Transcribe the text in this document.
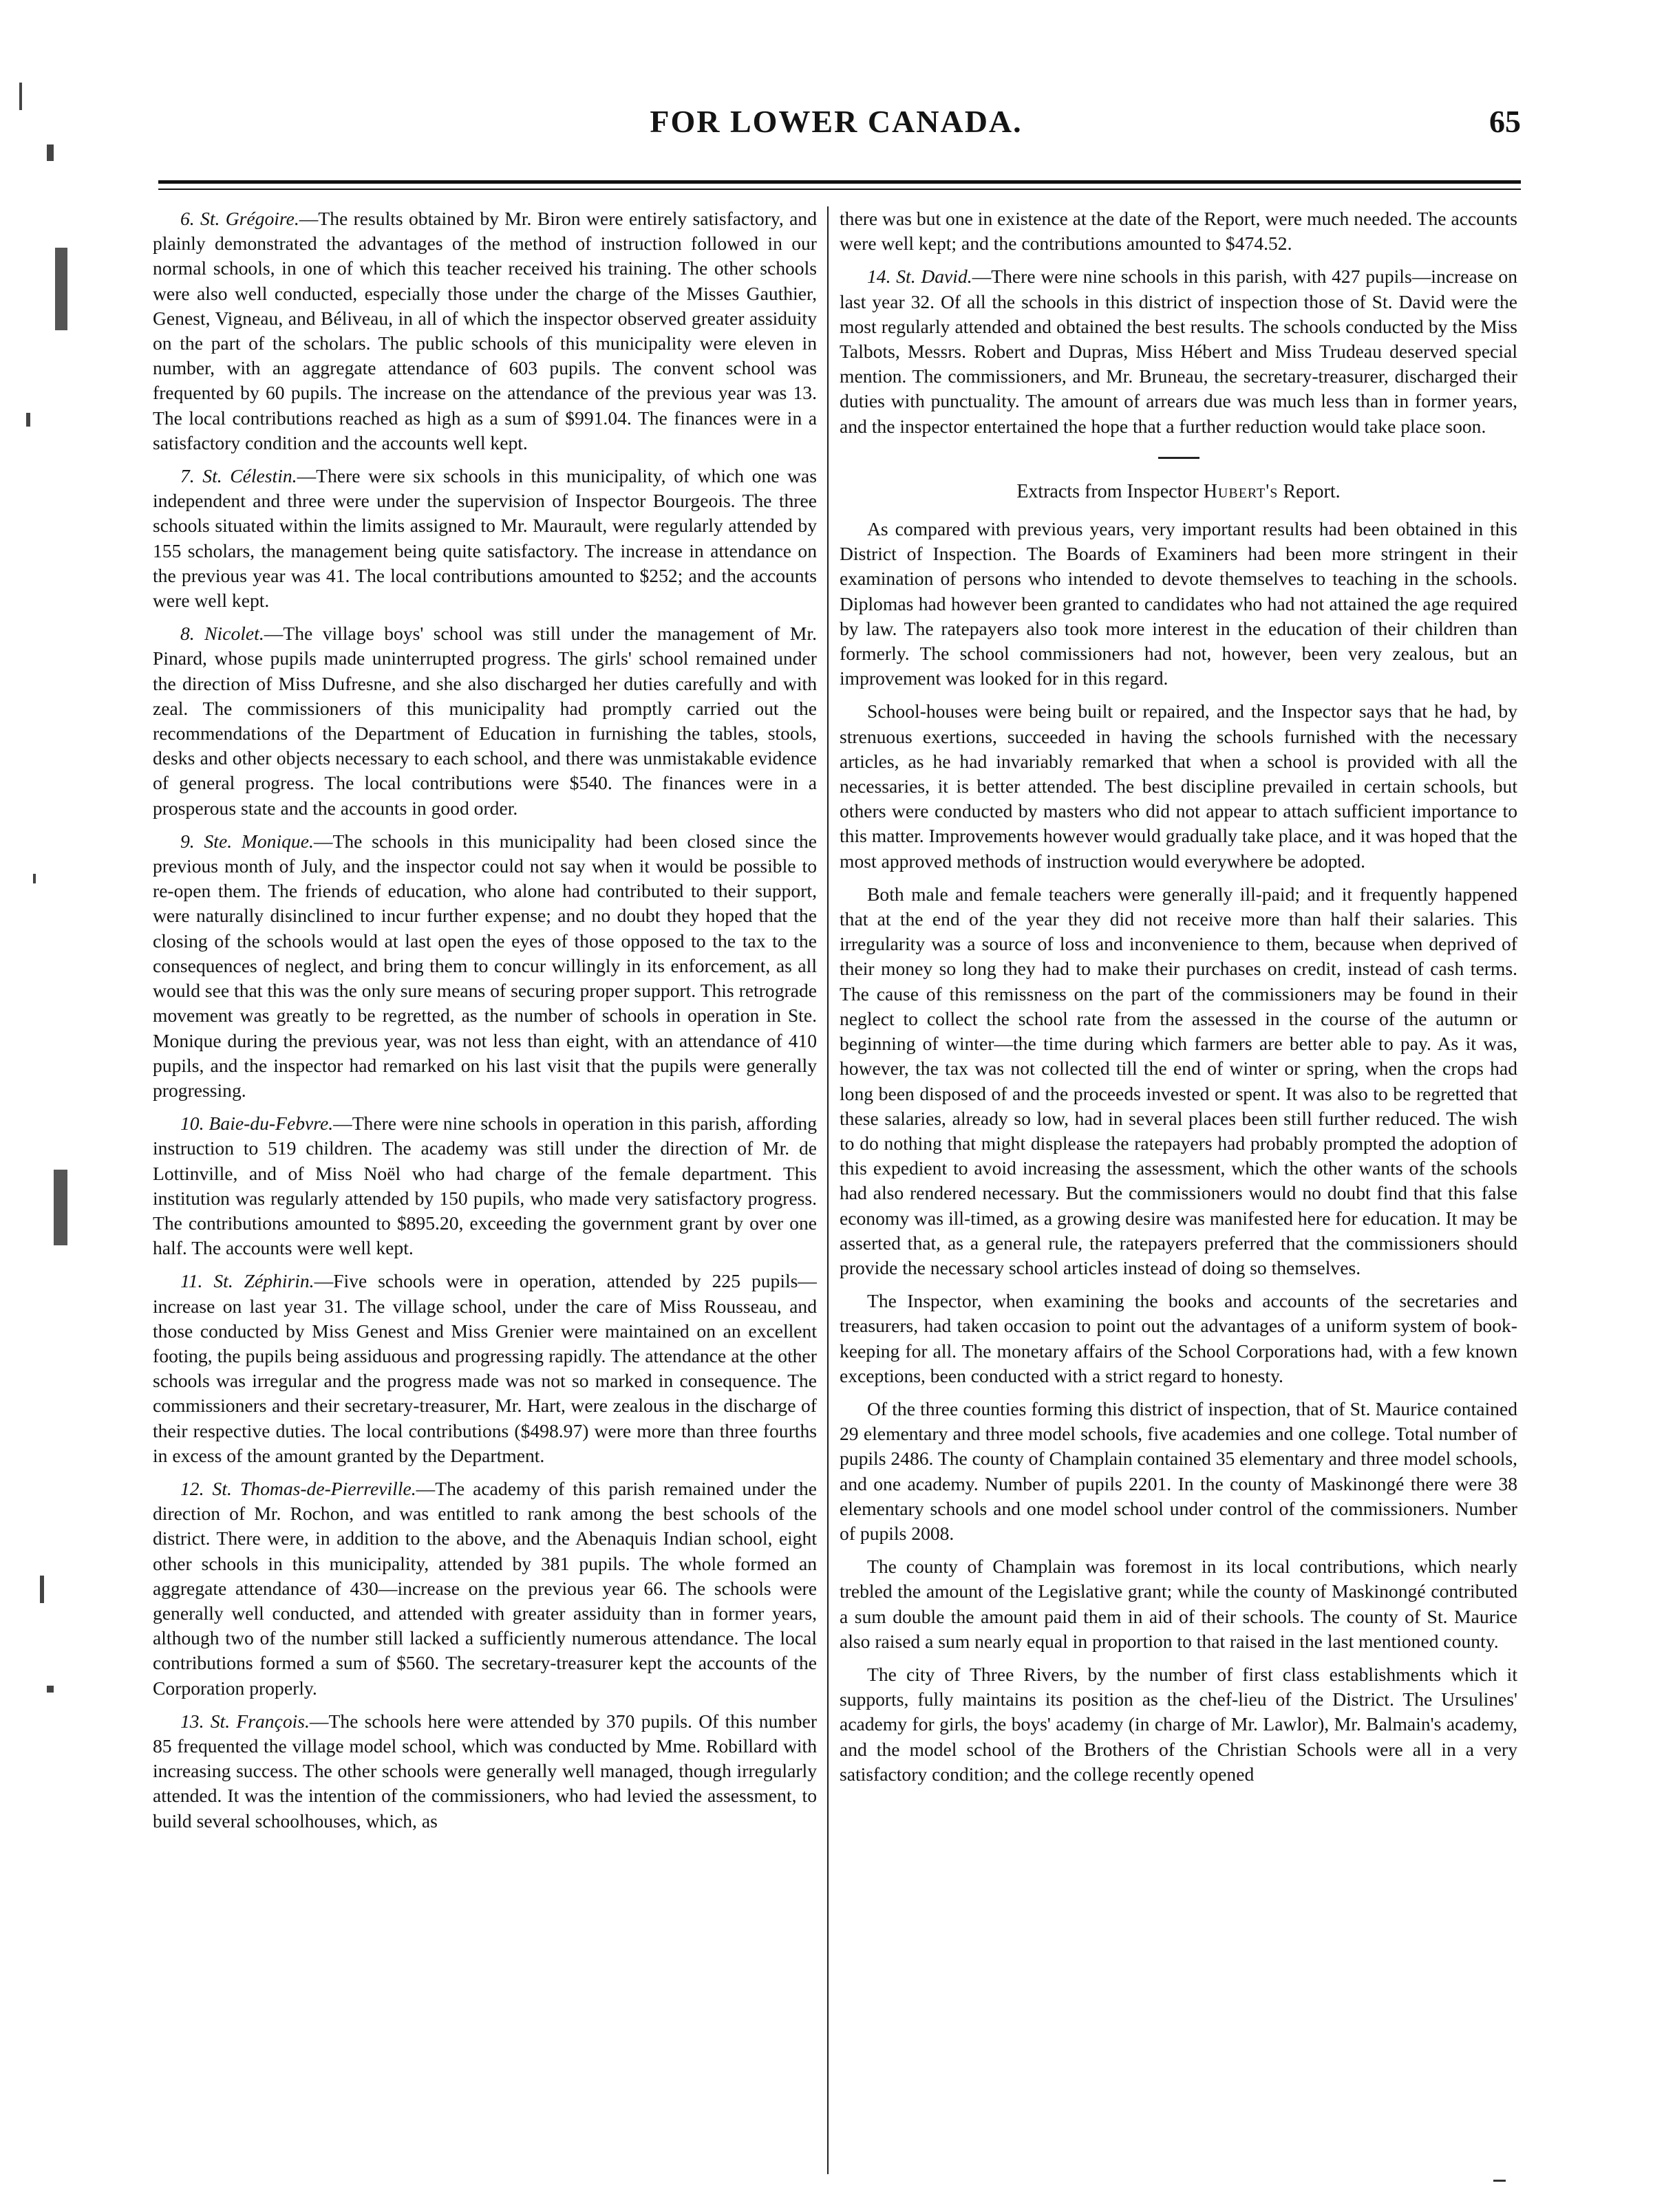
FOR LOWER CANADA.	65

6. St. Grégoire.—The results obtained by Mr. Biron were entirely satisfactory, and plainly demonstrated the advantages of the method of instruction followed in our normal schools, in one of which this teacher received his training. The other schools were also well conducted, especially those under the charge of the Misses Gauthier, Genest, Vigneau, and Béliveau, in all of which the inspector observed greater assiduity on the part of the scholars. The public schools of this municipality were eleven in number, with an aggregate attendance of 603 pupils. The convent school was frequented by 60 pupils. The increase on the attendance of the previous year was 13. The local contributions reached as high as a sum of $991.04. The finances were in a satisfactory condition and the accounts well kept.

7. St. Célestin.—There were six schools in this municipality, of which one was independent and three were under the supervision of Inspector Bourgeois. The three schools situated within the limits assigned to Mr. Maurault, were regularly attended by 155 scholars, the management being quite satisfactory. The increase in attendance on the previous year was 41. The local contributions amounted to $252; and the accounts were well kept.

8. Nicolet.—The village boys' school was still under the management of Mr. Pinard, whose pupils made uninterrupted progress. The girls' school remained under the direction of Miss Dufresne, and she also discharged her duties carefully and with zeal. The commissioners of this municipality had promptly carried out the recommendations of the Department of Education in furnishing the tables, stools, desks and other objects necessary to each school, and there was unmistakable evidence of general progress. The local contributions were $540. The finances were in a prosperous state and the accounts in good order.

9. Ste. Monique.—The schools in this municipality had been closed since the previous month of July, and the inspector could not say when it would be possible to re-open them. The friends of education, who alone had contributed to their support, were naturally disinclined to incur further expense; and no doubt they hoped that the closing of the schools would at last open the eyes of those opposed to the tax to the consequences of neglect, and bring them to concur willingly in its enforcement, as all would see that this was the only sure means of securing proper support. This retrograde movement was greatly to be regretted, as the number of schools in operation in Ste. Monique during the previous year, was not less than eight, with an attendance of 410 pupils, and the inspector had remarked on his last visit that the pupils were generally progressing.

10. Baie-du-Febvre.—There were nine schools in operation in this parish, affording instruction to 519 children. The academy was still under the direction of Mr. de Lottinville, and of Miss Noël who had charge of the female department. This institution was regularly attended by 150 pupils, who made very satisfactory progress. The contributions amounted to $895.20, exceeding the government grant by over one half. The accounts were well kept.

11. St. Zéphirin.—Five schools were in operation, attended by 225 pupils—increase on last year 31. The village school, under the care of Miss Rousseau, and those conducted by Miss Genest and Miss Grenier were maintained on an excellent footing, the pupils being assiduous and progressing rapidly. The attendance at the other schools was irregular and the progress made was not so marked in consequence. The commissioners and their secretary-treasurer, Mr. Hart, were zealous in the discharge of their respective duties. The local contributions ($498.97) were more than three fourths in excess of the amount granted by the Department.

12. St. Thomas-de-Pierreville.—The academy of this parish remained under the direction of Mr. Rochon, and was entitled to rank among the best schools of the district. There were, in addition to the above, and the Abenaquis Indian school, eight other schools in this municipality, attended by 381 pupils. The whole formed an aggregate attendance of 430—increase on the previous year 66. The schools were generally well conducted, and attended with greater assiduity than in former years, although two of the number still lacked a sufficiently numerous attendance. The local contributions formed a sum of $560. The secretary-treasurer kept the accounts of the Corporation properly.

13. St. François.—The schools here were attended by 370 pupils. Of this number 85 frequented the village model school, which was conducted by Mme. Robillard with increasing success. The other schools were generally well managed, though irregularly attended. It was the intention of the commissioners, who had levied the assessment, to build several schoolhouses, which, as

there was but one in existence at the date of the Report, were much needed. The accounts were well kept; and the contributions amounted to $474.52.

14. St. David.—There were nine schools in this parish, with 427 pupils—increase on last year 32. Of all the schools in this district of inspection those of St. David were the most regularly attended and obtained the best results. The schools conducted by the Miss Talbots, Messrs. Robert and Dupras, Miss Hébert and Miss Trudeau deserved special mention. The commissioners, and Mr. Bruneau, the secretary-treasurer, discharged their duties with punctuality. The amount of arrears due was much less than in former years, and the inspector entertained the hope that a further reduction would take place soon.

Extracts from Inspector Hubert's Report.

As compared with previous years, very important results had been obtained in this District of Inspection. The Boards of Examiners had been more stringent in their examination of persons who intended to devote themselves to teaching in the schools. Diplomas had however been granted to candidates who had not attained the age required by law. The ratepayers also took more interest in the education of their children than formerly. The school commissioners had not, however, been very zealous, but an improvement was looked for in this regard.

School-houses were being built or repaired, and the Inspector says that he had, by strenuous exertions, succeeded in having the schools furnished with the necessary articles, as he had invariably remarked that when a school is provided with all the necessaries, it is better attended. The best discipline prevailed in certain schools, but others were conducted by masters who did not appear to attach sufficient importance to this matter. Improvements however would gradually take place, and it was hoped that the most approved methods of instruction would everywhere be adopted.

Both male and female teachers were generally ill-paid; and it frequently happened that at the end of the year they did not receive more than half their salaries. This irregularity was a source of loss and inconvenience to them, because when deprived of their money so long they had to make their purchases on credit, instead of cash terms. The cause of this remissness on the part of the commissioners may be found in their neglect to collect the school rate from the assessed in the course of the autumn or beginning of winter—the time during which farmers are better able to pay. As it was, however, the tax was not collected till the end of winter or spring, when the crops had long been disposed of and the proceeds invested or spent. It was also to be regretted that these salaries, already so low, had in several places been still further reduced. The wish to do nothing that might displease the ratepayers had probably prompted the adoption of this expedient to avoid increasing the assessment, which the other wants of the schools had also rendered necessary. But the commissioners would no doubt find that this false economy was ill-timed, as a growing desire was manifested here for education. It may be asserted that, as a general rule, the ratepayers preferred that the commissioners should provide the necessary school articles instead of doing so themselves.

The Inspector, when examining the books and accounts of the secretaries and treasurers, had taken occasion to point out the advantages of a uniform system of book-keeping for all. The monetary affairs of the School Corporations had, with a few known exceptions, been conducted with a strict regard to honesty.

Of the three counties forming this district of inspection, that of St. Maurice contained 29 elementary and three model schools, five academies and one college. Total number of pupils 2486. The county of Champlain contained 35 elementary and three model schools, and one academy. Number of pupils 2201. In the county of Maskinongé there were 38 elementary schools and one model school under control of the commissioners. Number of pupils 2008.

The county of Champlain was foremost in its local contributions, which nearly trebled the amount of the Legislative grant; while the county of Maskinongé contributed a sum double the amount paid them in aid of their schools. The county of St. Maurice also raised a sum nearly equal in proportion to that raised in the last mentioned county.

The city of Three Rivers, by the number of first class establishments which it supports, fully maintains its position as the chef-lieu of the District. The Ursulines' academy for girls, the boys' academy (in charge of Mr. Lawlor), Mr. Balmain's academy, and the model school of the Brothers of the Christian Schools were all in a very satisfactory condition; and the college recently opened
